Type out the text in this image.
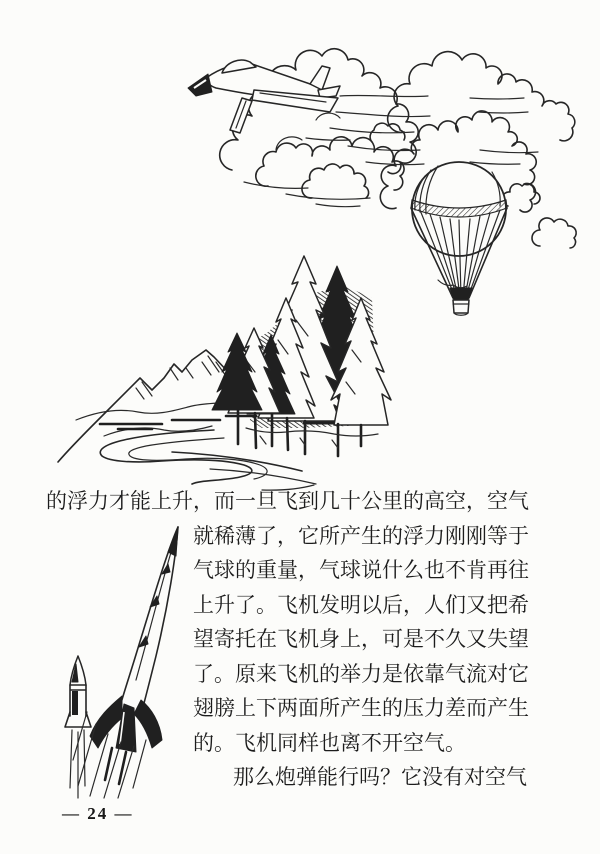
的浮力才能上升，而一旦飞到几十公里的高空，空气
就稀薄了，它所产生的浮力刚刚等于
气球的重量，气球说什么也不肯再往
上升了。飞机发明以后，人们又把希
望寄托在飞机身上，可是不久又失望
了。原来飞机的举力是依靠气流对它
翅膀上下两面所产生的压力差而产生
的。飞机同样也离不开空气。
那么炮弹能行吗？它没有对空气
— 24 —
